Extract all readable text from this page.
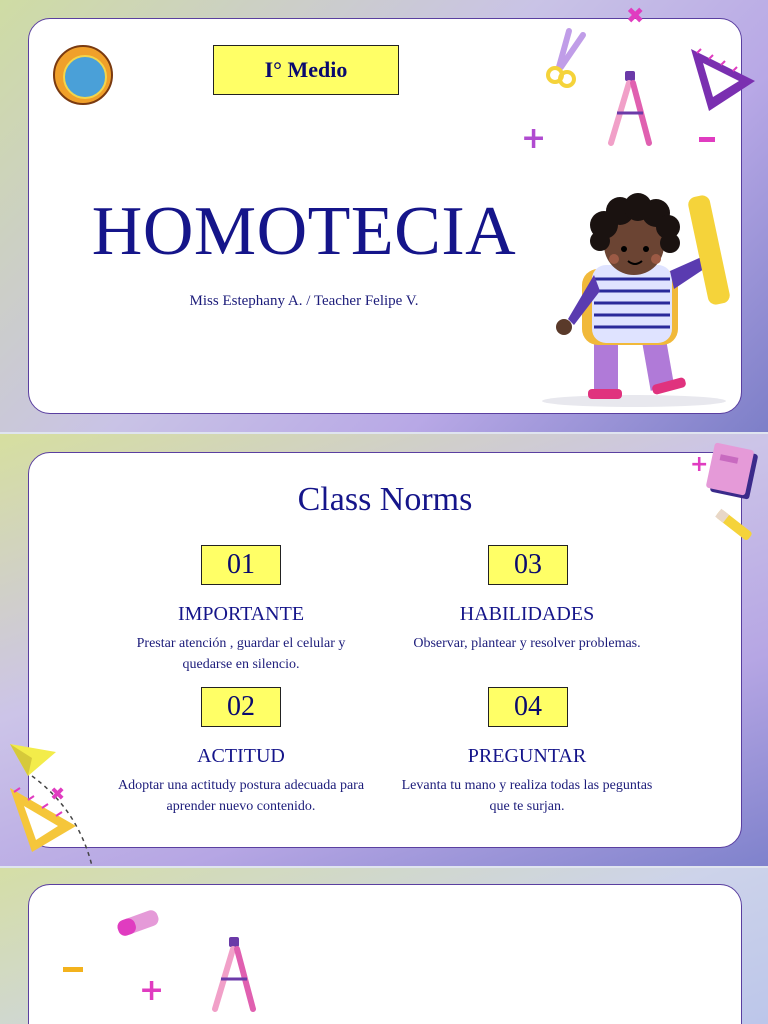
I° Medio
HOMOTECIA
Miss Estephany A. / Teacher Felipe V.
+
✖
Class Norms
01
IMPORTANTE
Prestar atención , guardar el celular y quedarse en silencio.
03
HABILIDADES
Observar, plantear y resolver problemas.
02
ACTITUD
Adoptar una actitudy postura adecuada para aprender nuevo contenido.
04
PREGUNTAR
Levanta tu mano y realiza todas las peguntas que te surjan.
+
✖
+
